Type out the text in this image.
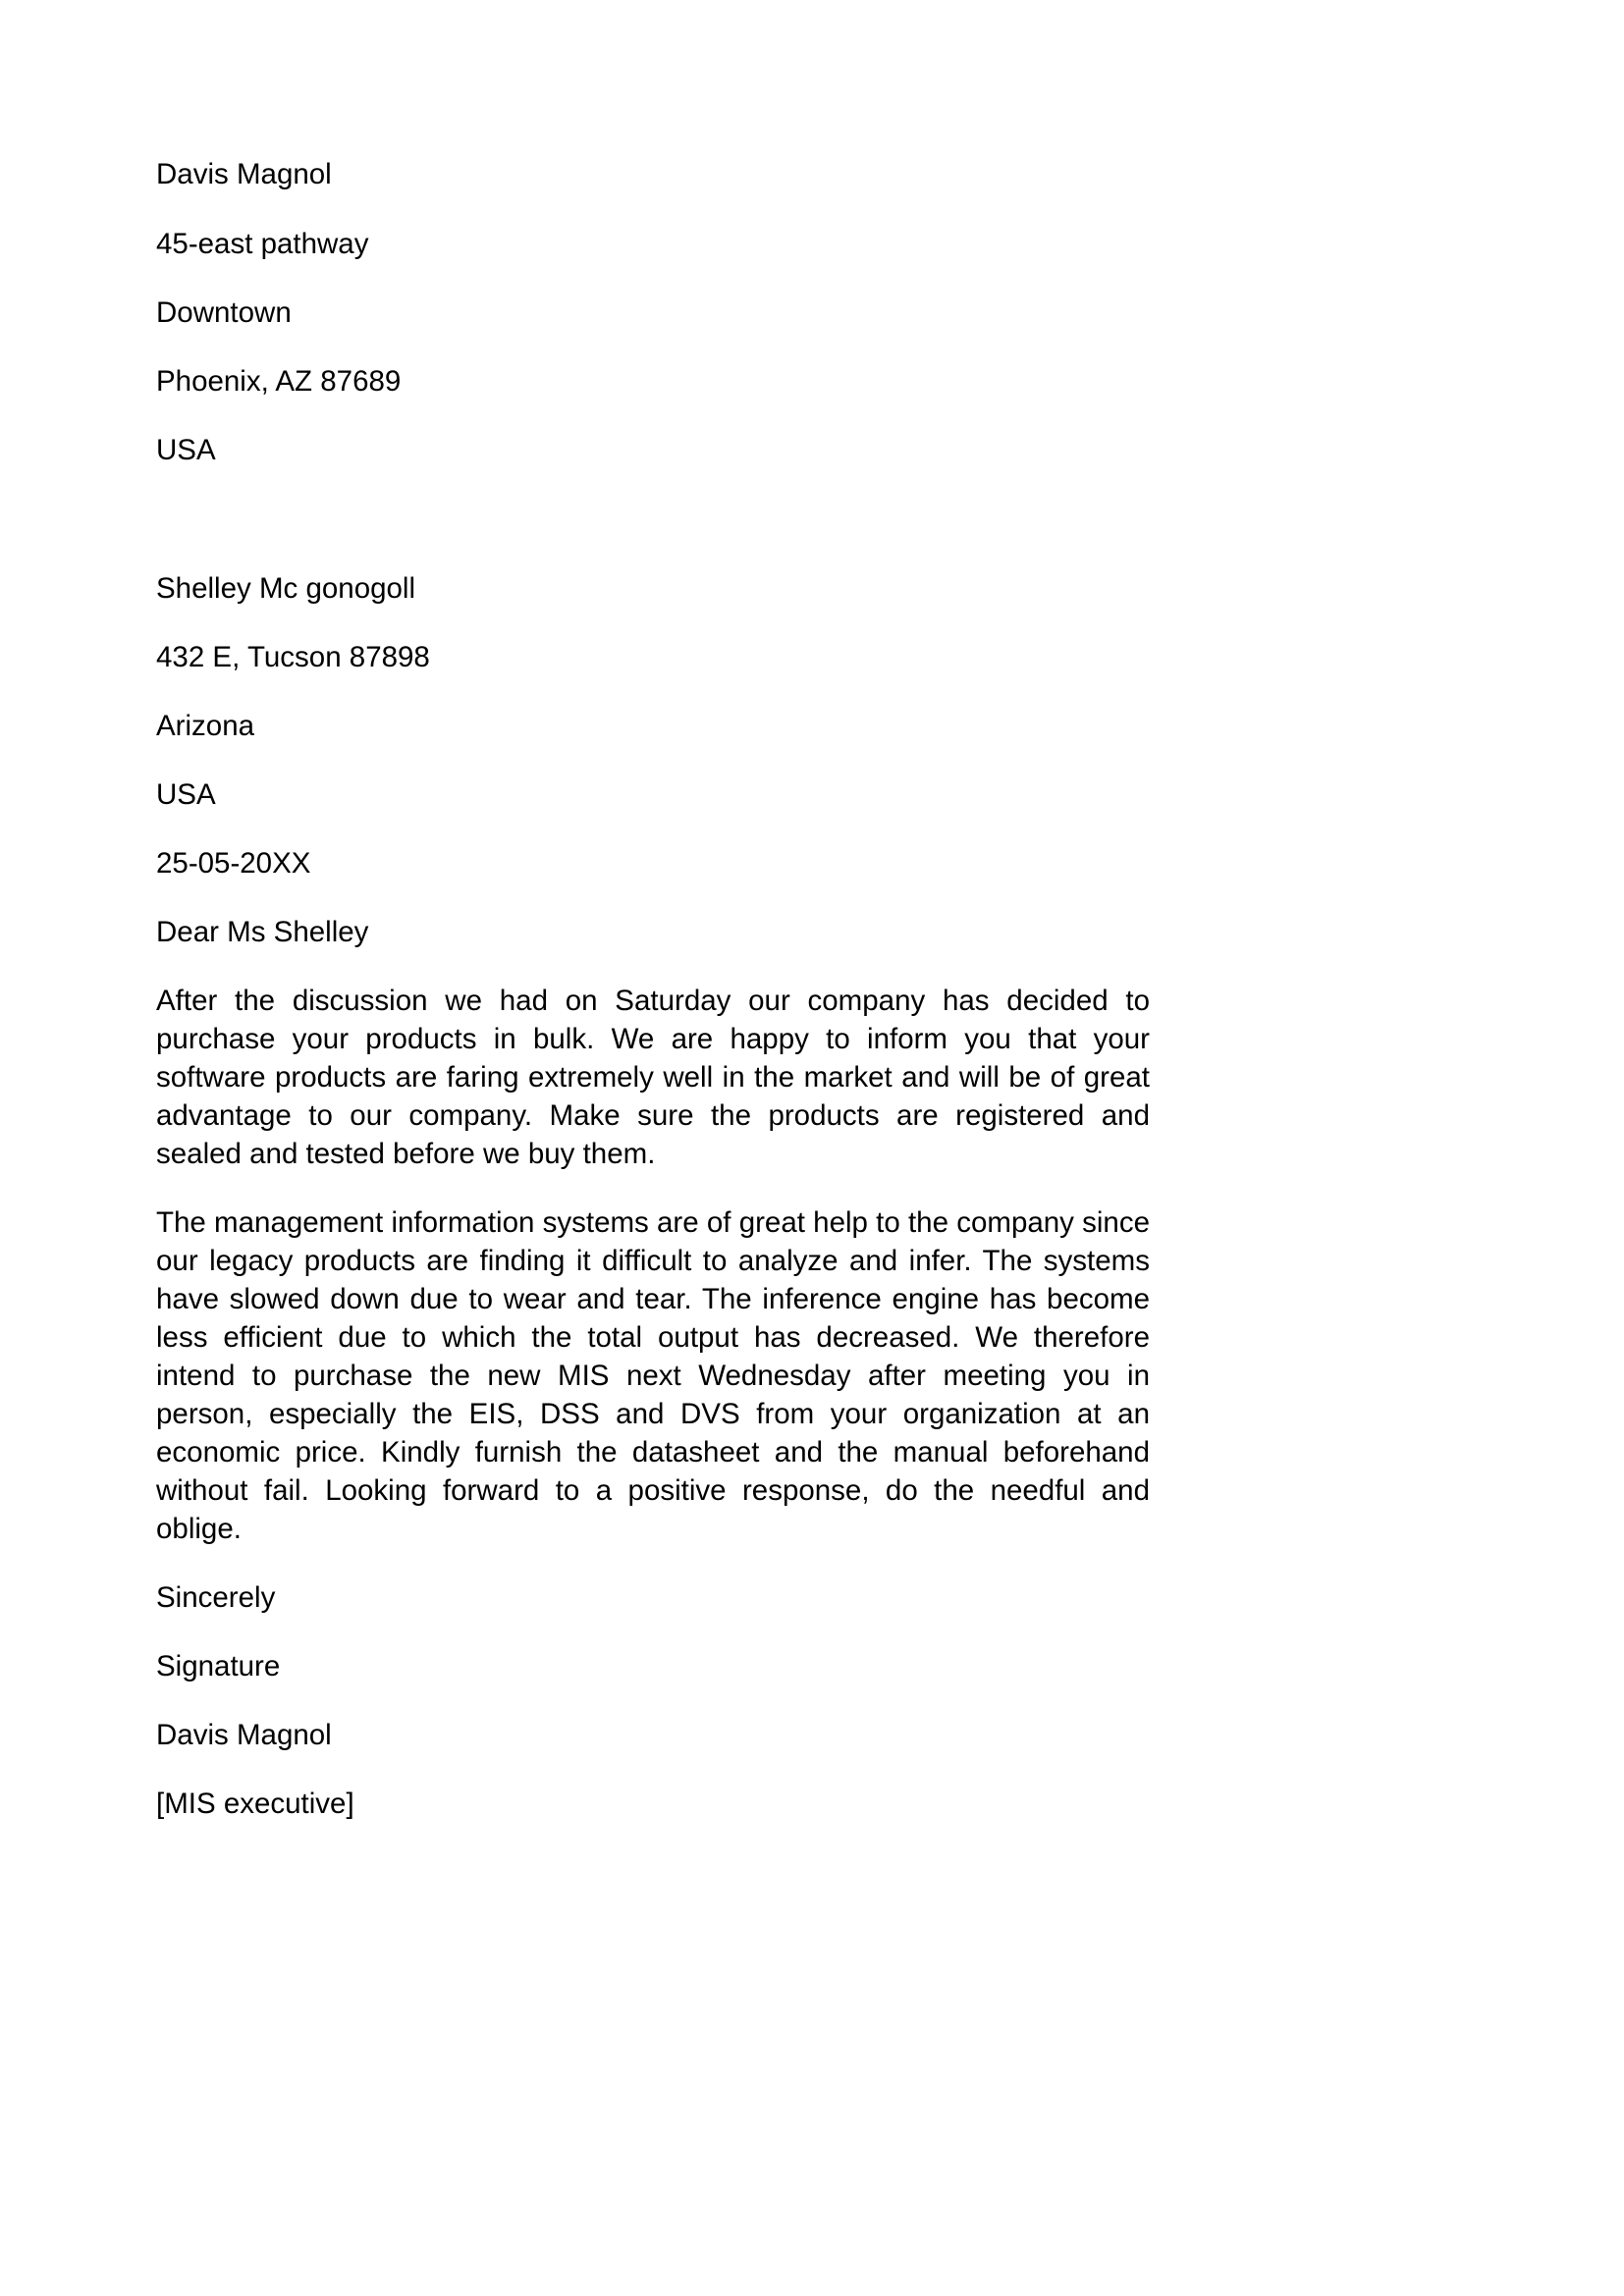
Davis Magnol

45-east pathway

Downtown

Phoenix, AZ 87689

USA

Shelley Mc gonogoll

432 E, Tucson 87898

Arizona

USA

25-05-20XX

Dear Ms Shelley

After the discussion we had on Saturday our company has decided to purchase your products in bulk. We are happy to inform you that your software products are faring extremely well in the market and will be of great advantage to our company. Make sure the products are registered and sealed and tested before we buy them.

The management information systems are of great help to the company since our legacy products are finding it difficult to analyze and infer. The systems have slowed down due to wear and tear. The inference engine has become less efficient due to which the total output has decreased. We therefore intend to purchase the new MIS next Wednesday after meeting you in person, especially the EIS, DSS and DVS from your organization at an economic price. Kindly furnish the datasheet and the manual beforehand without fail. Looking forward to a positive response, do the needful and oblige.

Sincerely

Signature

Davis Magnol

[MIS executive]
